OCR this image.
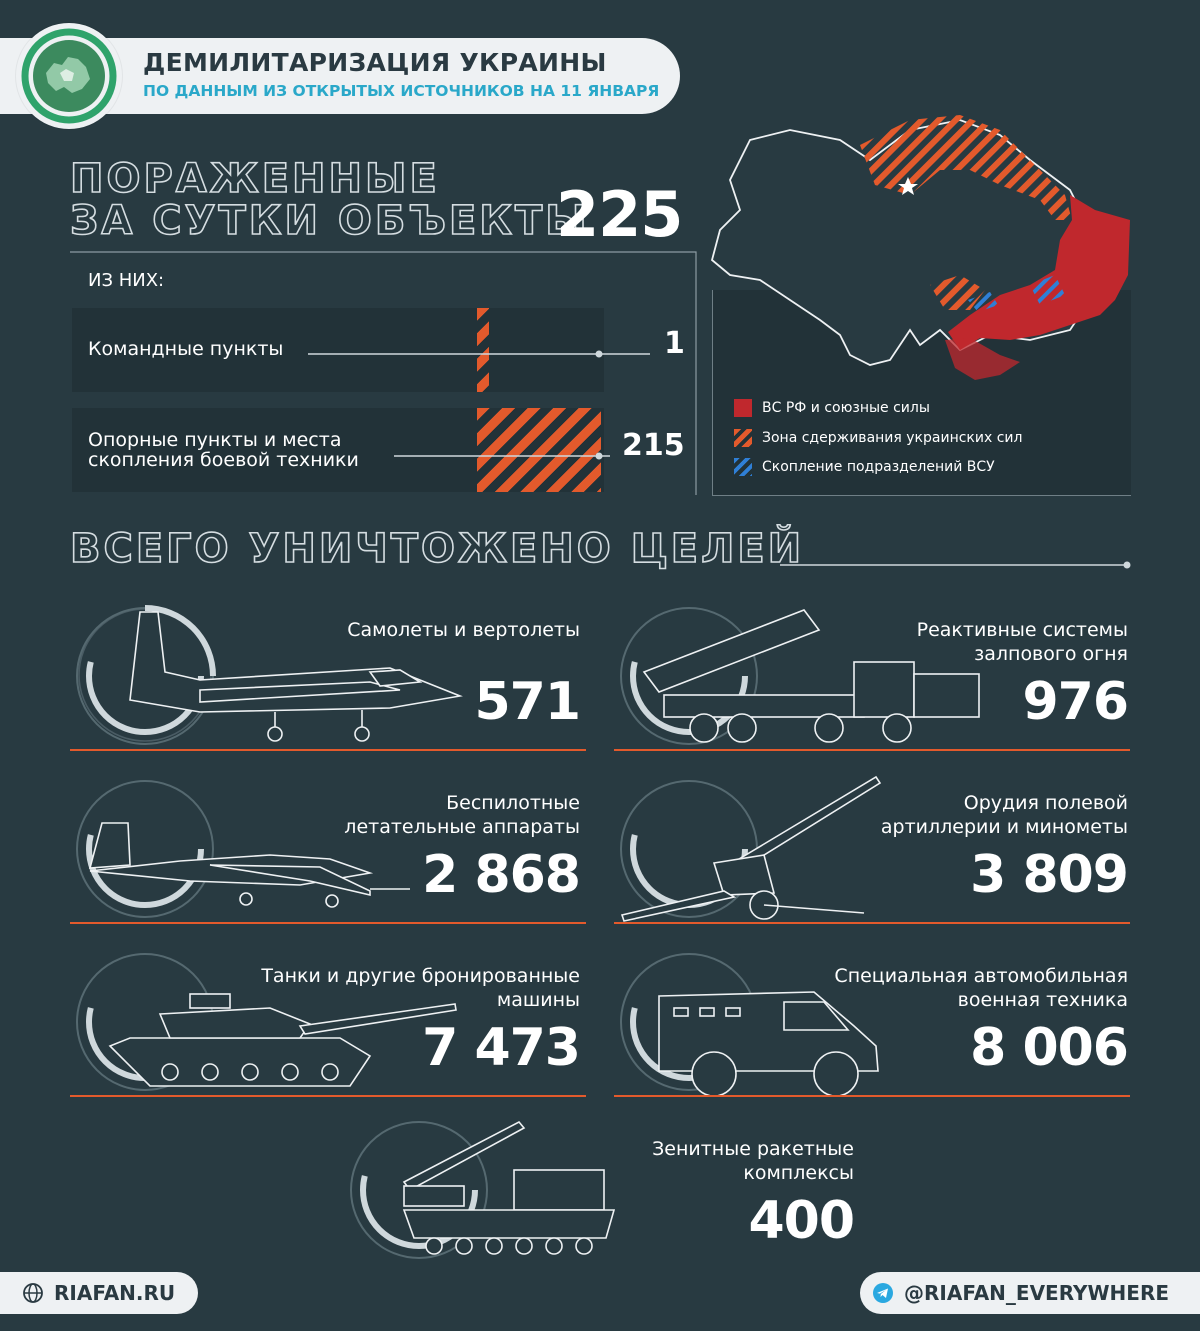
ДЕМИЛИТАРИЗАЦИЯ УКРАИНЫ
ПО ДАННЫМ ИЗ ОТКРЫТЫХ ИСТОЧНИКОВ НА 11 ЯНВАРЯ
ПОРАЖЕННЫЕ
ЗА СУТКИ ОБЪЕКТЫ
225
ИЗ НИХ:
Командные пункты	1
Опорные пункты и места
скопления боевой техники	215
ВС РФ и союзные силы
Зона сдерживания украинских сил
Скопление подразделений ВСУ
ВСЕГО УНИЧТОЖЕНО ЦЕЛЕЙ
Самолеты и вертолеты
571
Реактивные системы
залпового огня
976
Беспилотные
летательные аппараты
2 868
Орудия полевой
артиллерии и минометы
3 809
Танки и другие бронированные
машины
7 473
Специальная автомобильная
военная техника
8 006
Зенитные ракетные
комплексы
400
RIAFAN.RU	@RIAFAN_EVERYWHERE
